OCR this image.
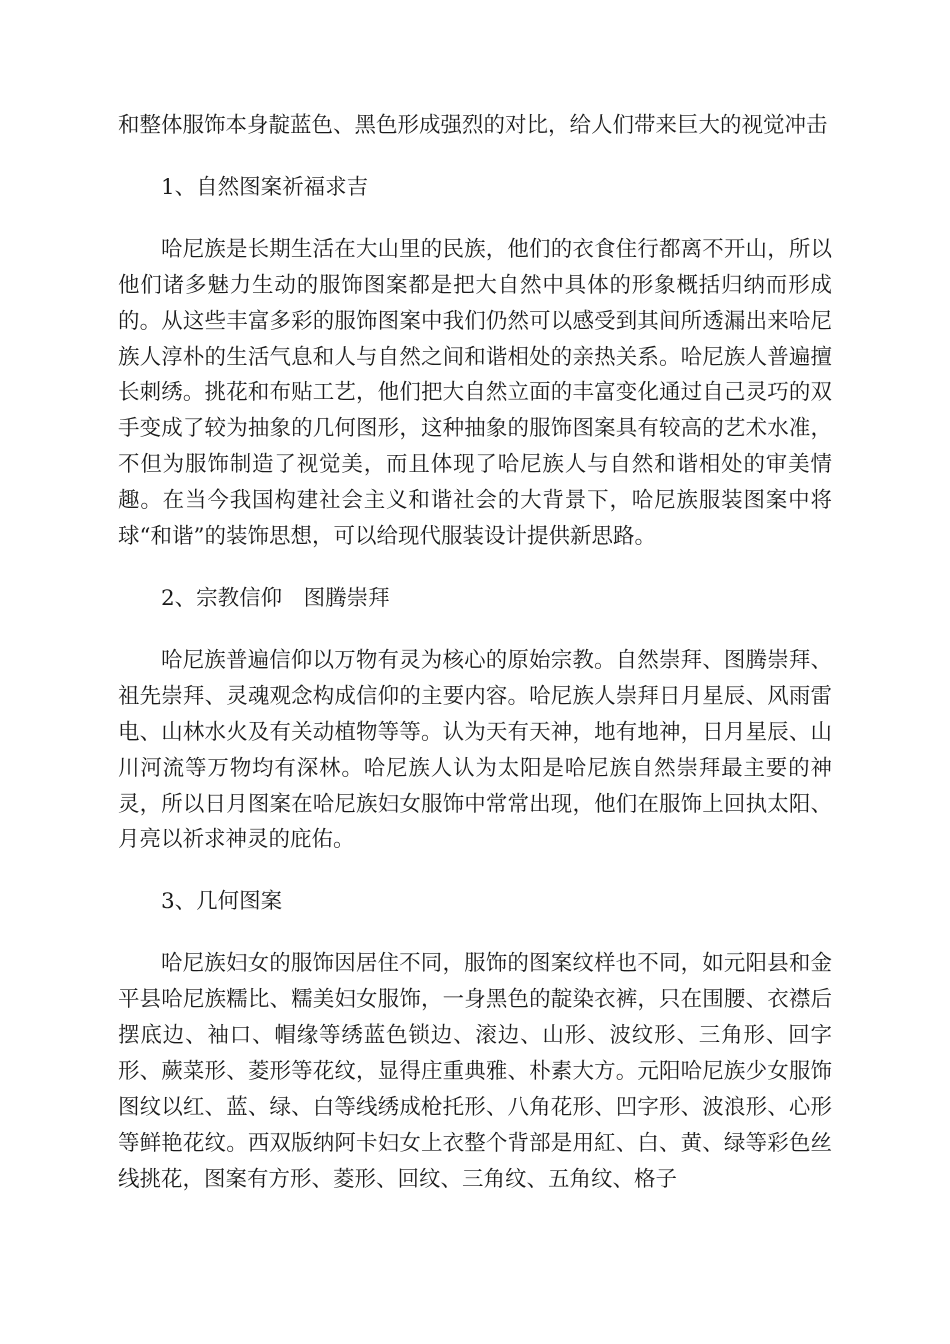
和整体服饰本身靛蓝色、黑色形成强烈的对比，给人们带来巨大的视觉冲击

1、自然图案祈福求吉

哈尼族是长期生活在大山里的民族，他们的衣食住行都离不开山，所以他们诸多魅力生动的服饰图案都是把大自然中具体的形象概括归纳而形成的。从这些丰富多彩的服饰图案中我们仍然可以感受到其间所透漏出来哈尼族人淳朴的生活气息和人与自然之间和谐相处的亲热关系。哈尼族人普遍擅长刺绣。挑花和布贴工艺，他们把大自然立面的丰富变化通过自己灵巧的双手变成了较为抽象的几何图形，这种抽象的服饰图案具有较高的艺术水准，不但为服饰制造了视觉美，而且体现了哈尼族人与自然和谐相处的审美情趣。在当今我国构建社会主义和谐社会的大背景下，哈尼族服装图案中将球“和谐”的装饰思想，可以给现代服装设计提供新思路。

2、宗教信仰　图腾崇拜

哈尼族普遍信仰以万物有灵为核心的原始宗教。自然崇拜、图腾崇拜、祖先崇拜、灵魂观念构成信仰的主要内容。哈尼族人崇拜日月星辰、风雨雷电、山林水火及有关动植物等等。认为天有天神，地有地神，日月星辰、山川河流等万物均有深林。哈尼族人认为太阳是哈尼族自然崇拜最主要的神灵，所以日月图案在哈尼族妇女服饰中常常出现，他们在服饰上回执太阳、月亮以祈求神灵的庇佑。

3、几何图案

哈尼族妇女的服饰因居住不同，服饰的图案纹样也不同，如元阳县和金平县哈尼族糯比、糯美妇女服饰，一身黑色的靛染衣裤，只在围腰、衣襟后摆底边、袖口、帽缘等绣蓝色锁边、滚边、山形、波纹形、三角形、回字形、蕨菜形、菱形等花纹，显得庄重典雅、朴素大方。元阳哈尼族少女服饰图纹以红、蓝、绿、白等线绣成枪托形、八角花形、凹字形、波浪形、心形等鲜艳花纹。西双版纳阿卡妇女上衣整个背部是用紅、白、黄、绿等彩色丝线挑花，图案有方形、菱形、回纹、三角纹、五角纹、格子
